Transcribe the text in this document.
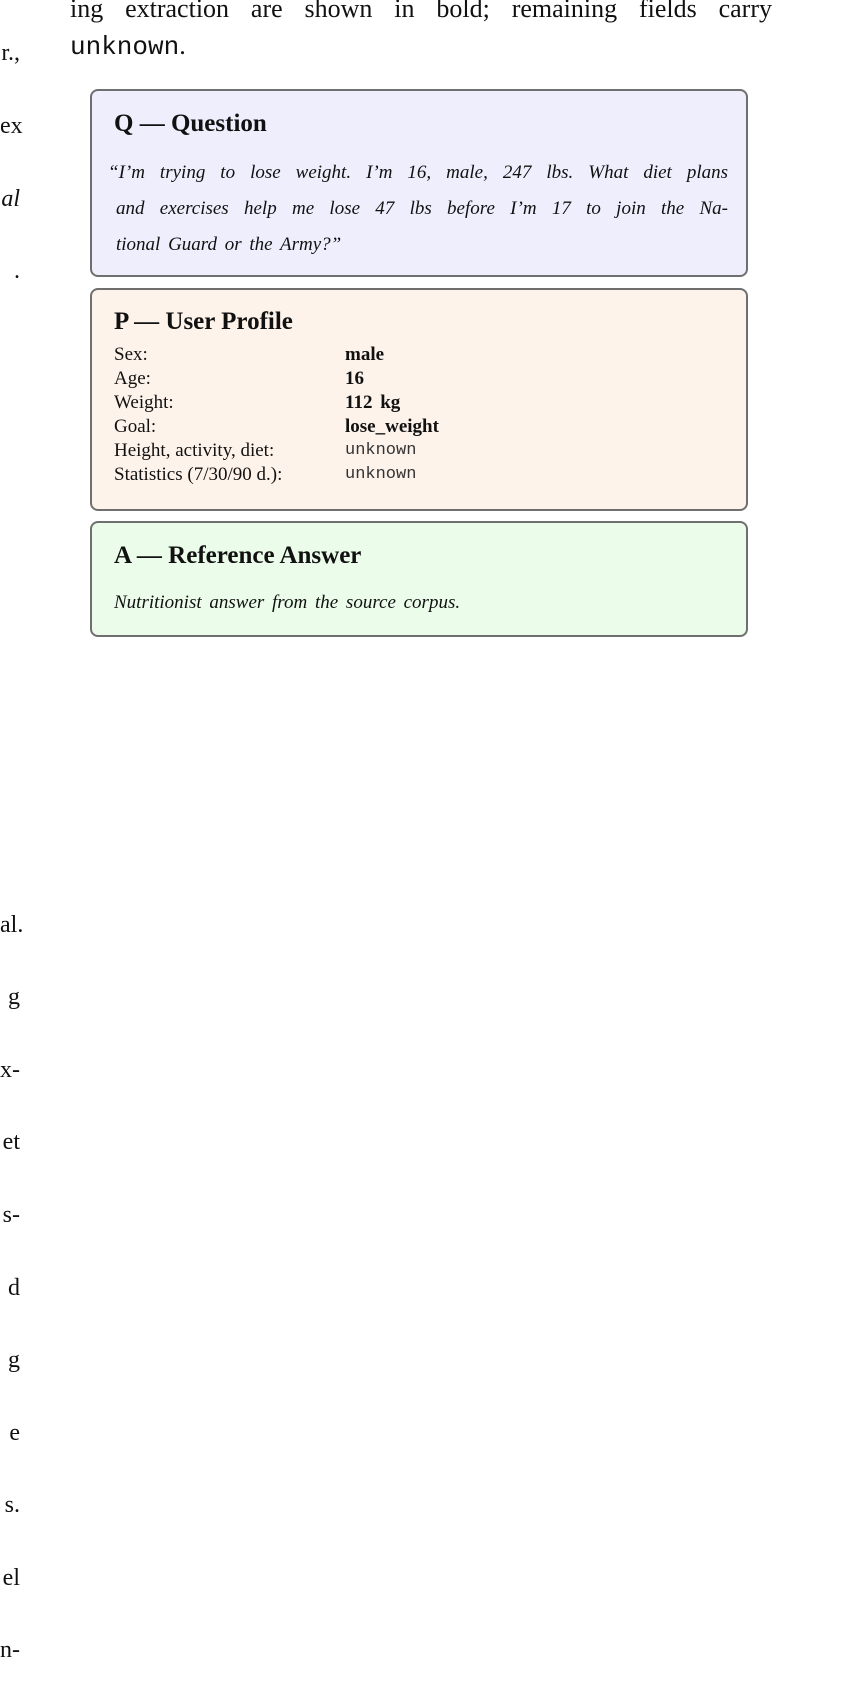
r.,

ex

al

.

al.

g

x-

et

s-

d

g

e

s.

el

n-

ing extraction are shown in bold; remaining fields carry
unknown.
Q — Question
“I’m trying to lose weight. I’m 16, male, 247 lbs. What diet plans
and exercises help me lose 47 lbs before I’m 17 to join the Na-
tional Guard or the Army?”
P — User Profile
Sex:	male
Age:	16
Weight:	112 kg
Goal:	lose_weight
Height, activity, diet:	unknown
Statistics (7/30/90 d.):	unknown
A — Reference Answer
Nutritionist answer from the source corpus.
